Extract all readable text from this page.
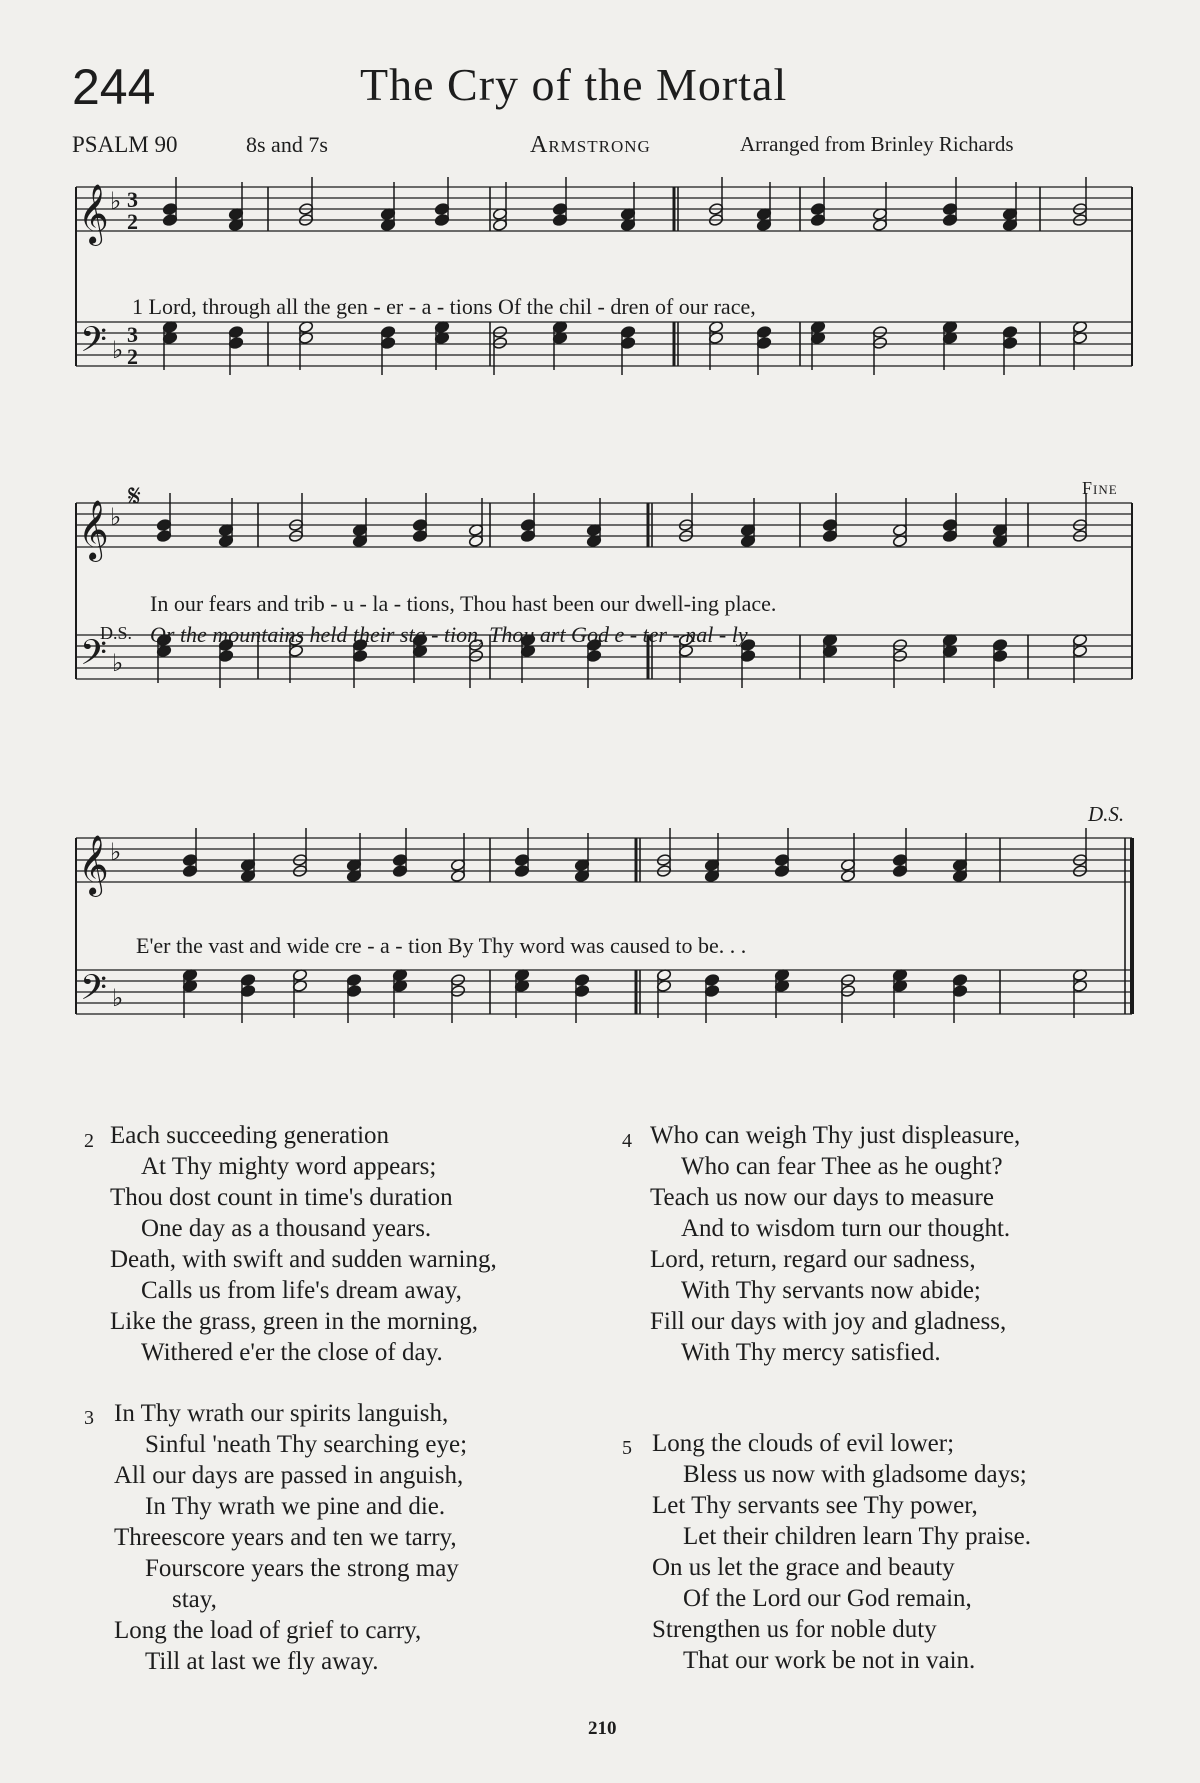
244	The Cry of the Mortal
PSALM 90	8s and 7s	Armstrong	Arranged from Brinley Richards
𝄞
𝄢
♭
♭
3
2
3
2
𝄞
𝄢
♭
♭
𝄞
𝄢
♭
♭
1 Lord, through all the gen - er - a - tions Of the chil - dren of our race,
𝄋	Fine
In our fears and trib - u - la - tions, Thou hast been our dwell-ing place.
D.S. Or the mountains held their sta - tion, Thou art God e - ter - nal - ly.
D.S.
E'er the vast and wide cre - a - tion By Thy word was caused to be. . .
2 Each succeeding generation
At Thy mighty word appears;
Thou dost count in time's duration
One day as a thousand years.
Death, with swift and sudden warning,
Calls us from life's dream away,
Like the grass, green in the morning,
Withered e'er the close of day.
3 In Thy wrath our spirits languish,
Sinful 'neath Thy searching eye;
All our days are passed in anguish,
In Thy wrath we pine and die.
Threescore years and ten we tarry,
Fourscore years the strong may
stay,
Long the load of grief to carry,
Till at last we fly away.
4 Who can weigh Thy just displeasure,
Who can fear Thee as he ought?
Teach us now our days to measure
And to wisdom turn our thought.
Lord, return, regard our sadness,
With Thy servants now abide;
Fill our days with joy and gladness,
With Thy mercy satisfied.
5 Long the clouds of evil lower;
Bless us now with gladsome days;
Let Thy servants see Thy power,
Let their children learn Thy praise.
On us let the grace and beauty
Of the Lord our God remain,
Strengthen us for noble duty
That our work be not in vain.
210
